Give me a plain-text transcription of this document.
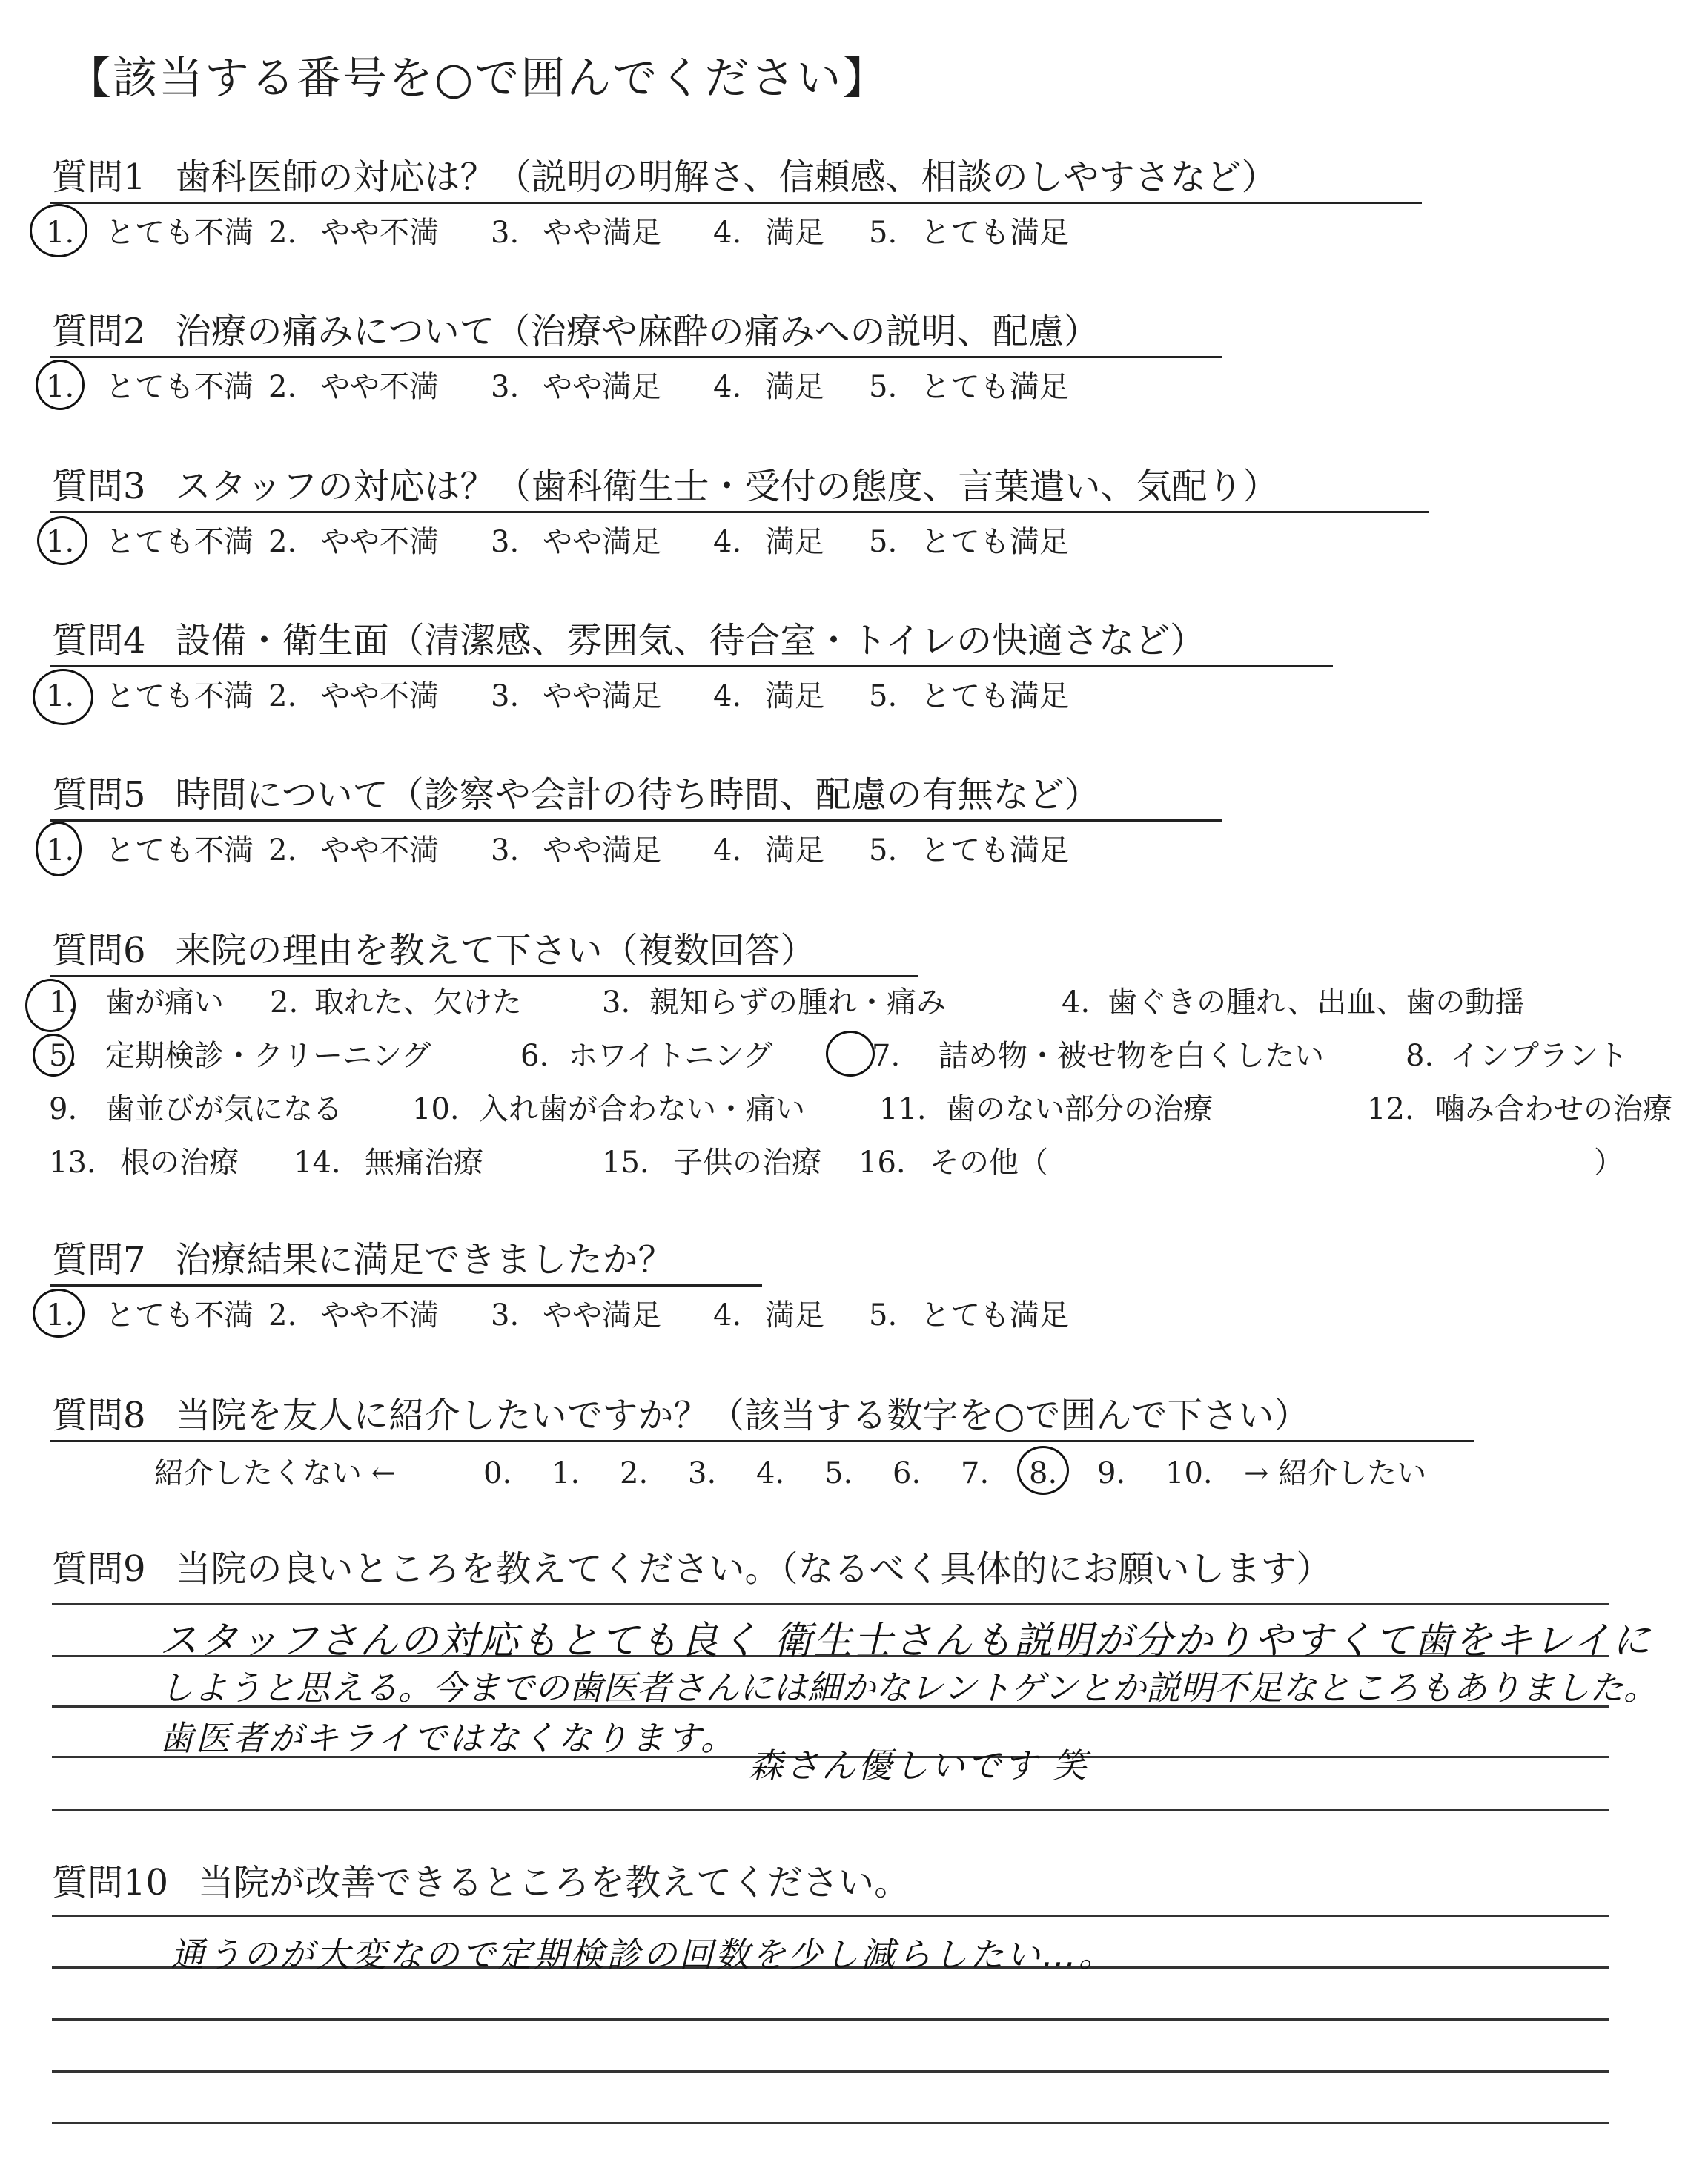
【該当する番号を○で囲んでください】
質問1 歯科医師の対応は？（説明の明解さ、信頼感、相談のしやすさなど）
1. とても不満 2. やや不満 3. やや満足 4. 満足 5. とても満足
質問2 治療の痛みについて（治療や麻酔の痛みへの説明、配慮）
1. とても不満 2. やや不満 3. やや満足 4. 満足 5. とても満足
質問3 スタッフの対応は？（歯科衛生士・受付の態度、言葉遣い、気配り）
1. とても不満 2. やや不満 3. やや満足 4. 満足 5. とても満足
質問4 設備・衛生面（清潔感、雰囲気、待合室・トイレの快適さなど）
1. とても不満 2. やや不満 3. やや満足 4. 満足 5. とても満足
質問5 時間について（診察や会計の待ち時間、配慮の有無など）
1. とても不満 2. やや不満 3. やや満足 4. 満足 5. とても満足
質問6 来院の理由を教えて下さい（複数回答）
1. 歯が痛い 2. 取れた、欠けた	3. 親知らずの腫れ・痛み	4. 歯ぐきの腫れ、出血、歯の動揺
5. 定期検診・クリーニング	6. ホワイトニング	7. 詰め物・被せ物を白くしたい	8. インプラント
9. 歯並びが気になる 10. 入れ歯が合わない・痛い	11. 歯のない部分の治療	12. 噛み合わせの治療
13. 根の治療 14. 無痛治療	15. 子供の治療 16. その他（	）
質問7 治療結果に満足できましたか？
1. とても不満 2. やや不満 3. やや満足 4. 満足 5. とても満足
質問8 当院を友人に紹介したいですか？（該当する数字を○で囲んで下さい）
紹介したくない ←	0. 1. 2. 3. 4. 5. 6. 7. 8. 9. 10. → 紹介したい
質問9 当院の良いところを教えてください。（なるべく具体的にお願いします）
スタッフさんの対応もとても良く 衛生士さんも説明が分かりやすくて歯をキレイに
しようと思える。今までの歯医者さんには細かなレントゲンとか説明不足なところもありました。
歯医者がキライではなくなります。
森さん優しいです 笑
質問10 当院が改善できるところを教えてください。
通うのが大変なので定期検診の回数を少し減らしたい…。
